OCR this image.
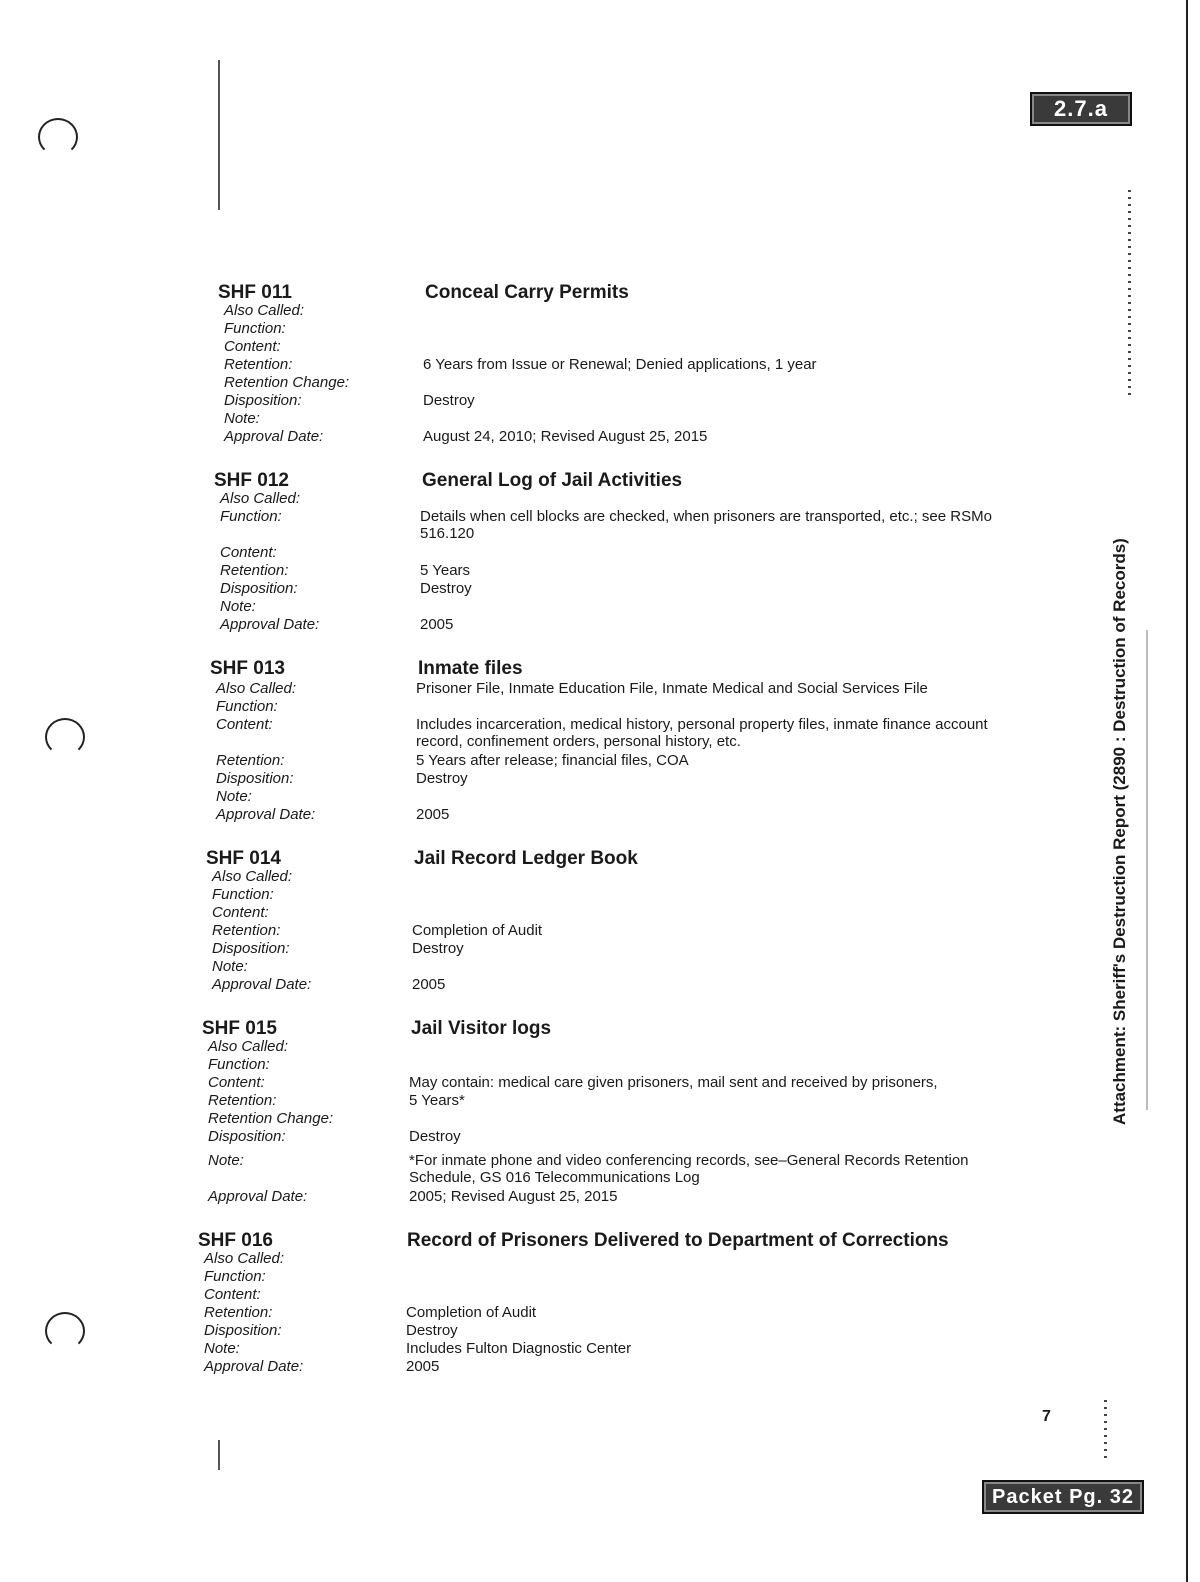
2.7.a
Attachment: Sheriff's Destruction Report (2890 : Destruction of Records)
SHF 011	Conceal Carry Permits
Also Called:
Function:
Content:
Retention:	6 Years from Issue or Renewal; Denied applications, 1 year
Retention Change:
Disposition:	Destroy
Note:
Approval Date:	August 24, 2010; Revised August 25, 2015
SHF 012	General Log of Jail Activities
Also Called:
Function:	Details when cell blocks are checked, when prisoners are transported, etc.; see RSMo 516.120
Content:
Retention:	5 Years
Disposition:	Destroy
Note:
Approval Date:	2005
SHF 013	Inmate files
Also Called:	Prisoner File, Inmate Education File, Inmate Medical and Social Services File
Function:
Content:	Includes incarceration, medical history, personal property files, inmate finance account record, confinement orders, personal history, etc.
Retention:	5 Years after release; financial files, COA
Disposition:	Destroy
Note:
Approval Date:	2005
SHF 014	Jail Record Ledger Book
Also Called:
Function:
Content:
Retention:	Completion of Audit
Disposition:	Destroy
Note:
Approval Date:	2005
SHF 015	Jail Visitor logs
Also Called:
Function:
Content:	May contain: medical care given prisoners, mail sent and received by prisoners,
Retention:	5 Years*
Retention Change:
Disposition:	Destroy
Note:	*For inmate phone and video conferencing records, see–General Records Retention Schedule, GS 016 Telecommunications Log
Approval Date:	2005; Revised August 25, 2015
SHF 016	Record of Prisoners Delivered to Department of Corrections
Also Called:
Function:
Content:
Retention:	Completion of Audit
Disposition:	Destroy
Note:	Includes Fulton Diagnostic Center
Approval Date:	2005
7
Packet Pg. 32
